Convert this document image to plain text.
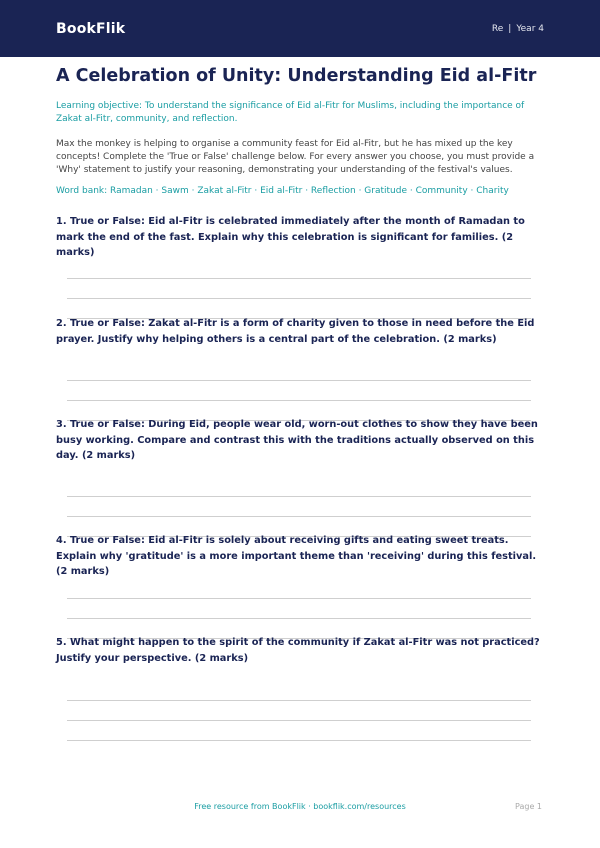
BookFlik	Re | Year 4
A Celebration of Unity: Understanding Eid al-Fitr

Learning objective: To understand the significance of Eid al-Fitr for Muslims, including the importance of Zakat al-Fitr, community, and reflection.

Max the monkey is helping to organise a community feast for Eid al-Fitr, but he has mixed up the key concepts! Complete the 'True or False' challenge below. For every answer you choose, you must provide a 'Why' statement to justify your reasoning, demonstrating your understanding of the festival's values.

Word bank: Ramadan · Sawm · Zakat al-Fitr · Eid al-Fitr · Reflection · Gratitude · Community · Charity

1. True or False: Eid al-Fitr is celebrated immediately after the month of Ramadan to mark the end of the fast. Explain why this celebration is significant for families. (2 marks)

2. True or False: Zakat al-Fitr is a form of charity given to those in need before the Eid prayer. Justify why helping others is a central part of the celebration. (2 marks)

3. True or False: During Eid, people wear old, worn-out clothes to show they have been busy working. Compare and contrast this with the traditions actually observed on this day. (2 marks)

4. True or False: Eid al-Fitr is solely about receiving gifts and eating sweet treats. Explain why 'gratitude' is a more important theme than 'receiving' during this festival. (2 marks)

5. What might happen to the spirit of the community if Zakat al-Fitr was not practiced? Justify your perspective. (2 marks)

Free resource from BookFlik · bookflik.com/resources	Page 1
